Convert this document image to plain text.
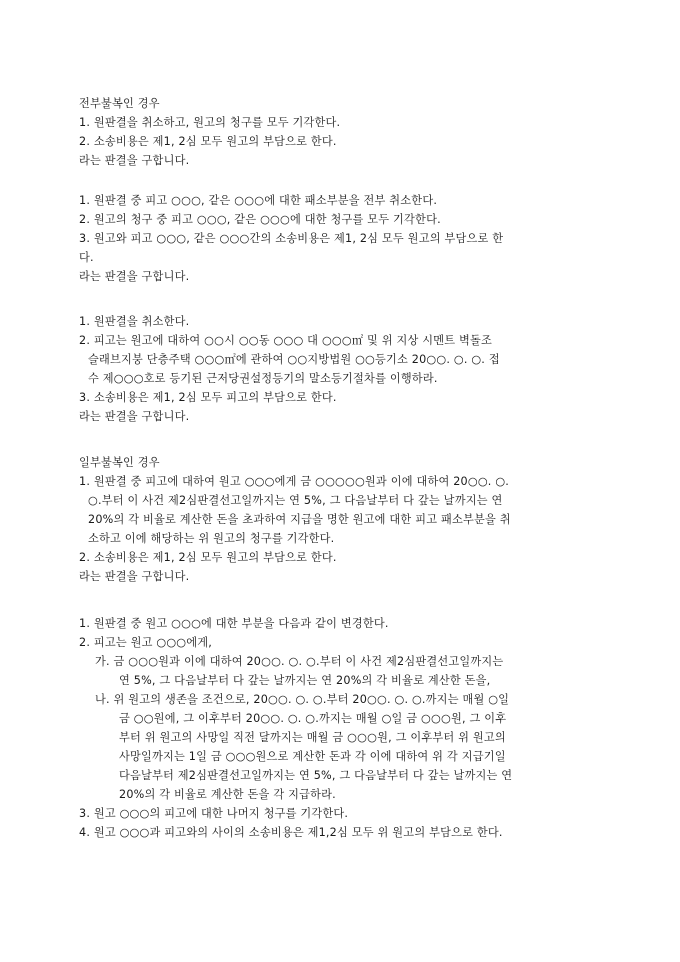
전부불복인 경우
1. 원판결을 취소하고, 원고의 청구를 모두 기각한다.
2. 소송비용은 제1, 2심 모두 원고의 부담으로 한다.
라는 판결을 구합니다.
1. 원판결 중 피고 ○○○, 같은 ○○○에 대한 패소부분을 전부 취소한다.
2. 원고의 청구 중 피고 ○○○, 같은 ○○○에 대한 청구를 모두 기각한다.
3. 원고와 피고 ○○○, 같은 ○○○간의 소송비용은 제1, 2심 모두 원고의 부담으로 한
다.
라는 판결을 구합니다.
1. 원판결을 취소한다.
2. 피고는 원고에 대하여 ○○시 ○○동 ○○○ 대 ○○○㎡ 및 위 지상 시멘트 벽돌조
슬래브지붕 단층주택 ○○○㎡에 관하여 ○○지방법원 ○○등기소 20○○. ○. ○. 접
수 제○○○호로 등기된 근저당권설정등기의 말소등기절차를 이행하라.
3. 소송비용은 제1, 2심 모두 피고의 부담으로 한다.
라는 판결을 구합니다.
일부불복인 경우
1. 원판결 중 피고에 대하여 원고 ○○○에게 금 ○○○○○원과 이에 대하여 20○○. ○.
○.부터 이 사건 제2심판결선고일까지는 연 5%, 그 다음날부터 다 갚는 날까지는 연
20%의 각 비율로 계산한 돈을 초과하여 지급을 명한 원고에 대한 피고 패소부분을 취
소하고 이에 해당하는 위 원고의 청구를 기각한다.
2. 소송비용은 제1, 2심 모두 원고의 부담으로 한다.
라는 판결을 구합니다.
1. 원판결 중 원고 ○○○에 대한 부분을 다음과 같이 변경한다.
2. 피고는 원고 ○○○에게,
가. 금 ○○○원과 이에 대하여 20○○. ○. ○.부터 이 사건 제2심판결선고일까지는
연 5%, 그 다음날부터 다 갚는 날까지는 연 20%의 각 비율로 계산한 돈을,
나. 위 원고의 생존을 조건으로, 20○○. ○. ○.부터 20○○. ○. ○.까지는 매월 ○일
금 ○○원에, 그 이후부터 20○○. ○. ○.까지는 매월 ○일 금 ○○○원, 그 이후
부터 위 원고의 사망일 직전 달까지는 매월 금 ○○○원, 그 이후부터 위 원고의
사망일까지는 1일 금 ○○○원으로 계산한 돈과 각 이에 대하여 위 각 지급기일
다음날부터 제2심판결선고일까지는 연 5%, 그 다음날부터 다 갚는 날까지는 연
20%의 각 비율로 계산한 돈을 각 지급하라.
3. 원고 ○○○의 피고에 대한 나머지 청구를 기각한다.
4. 원고 ○○○과 피고와의 사이의 소송비용은 제1,2심 모두 위 원고의 부담으로 한다.
